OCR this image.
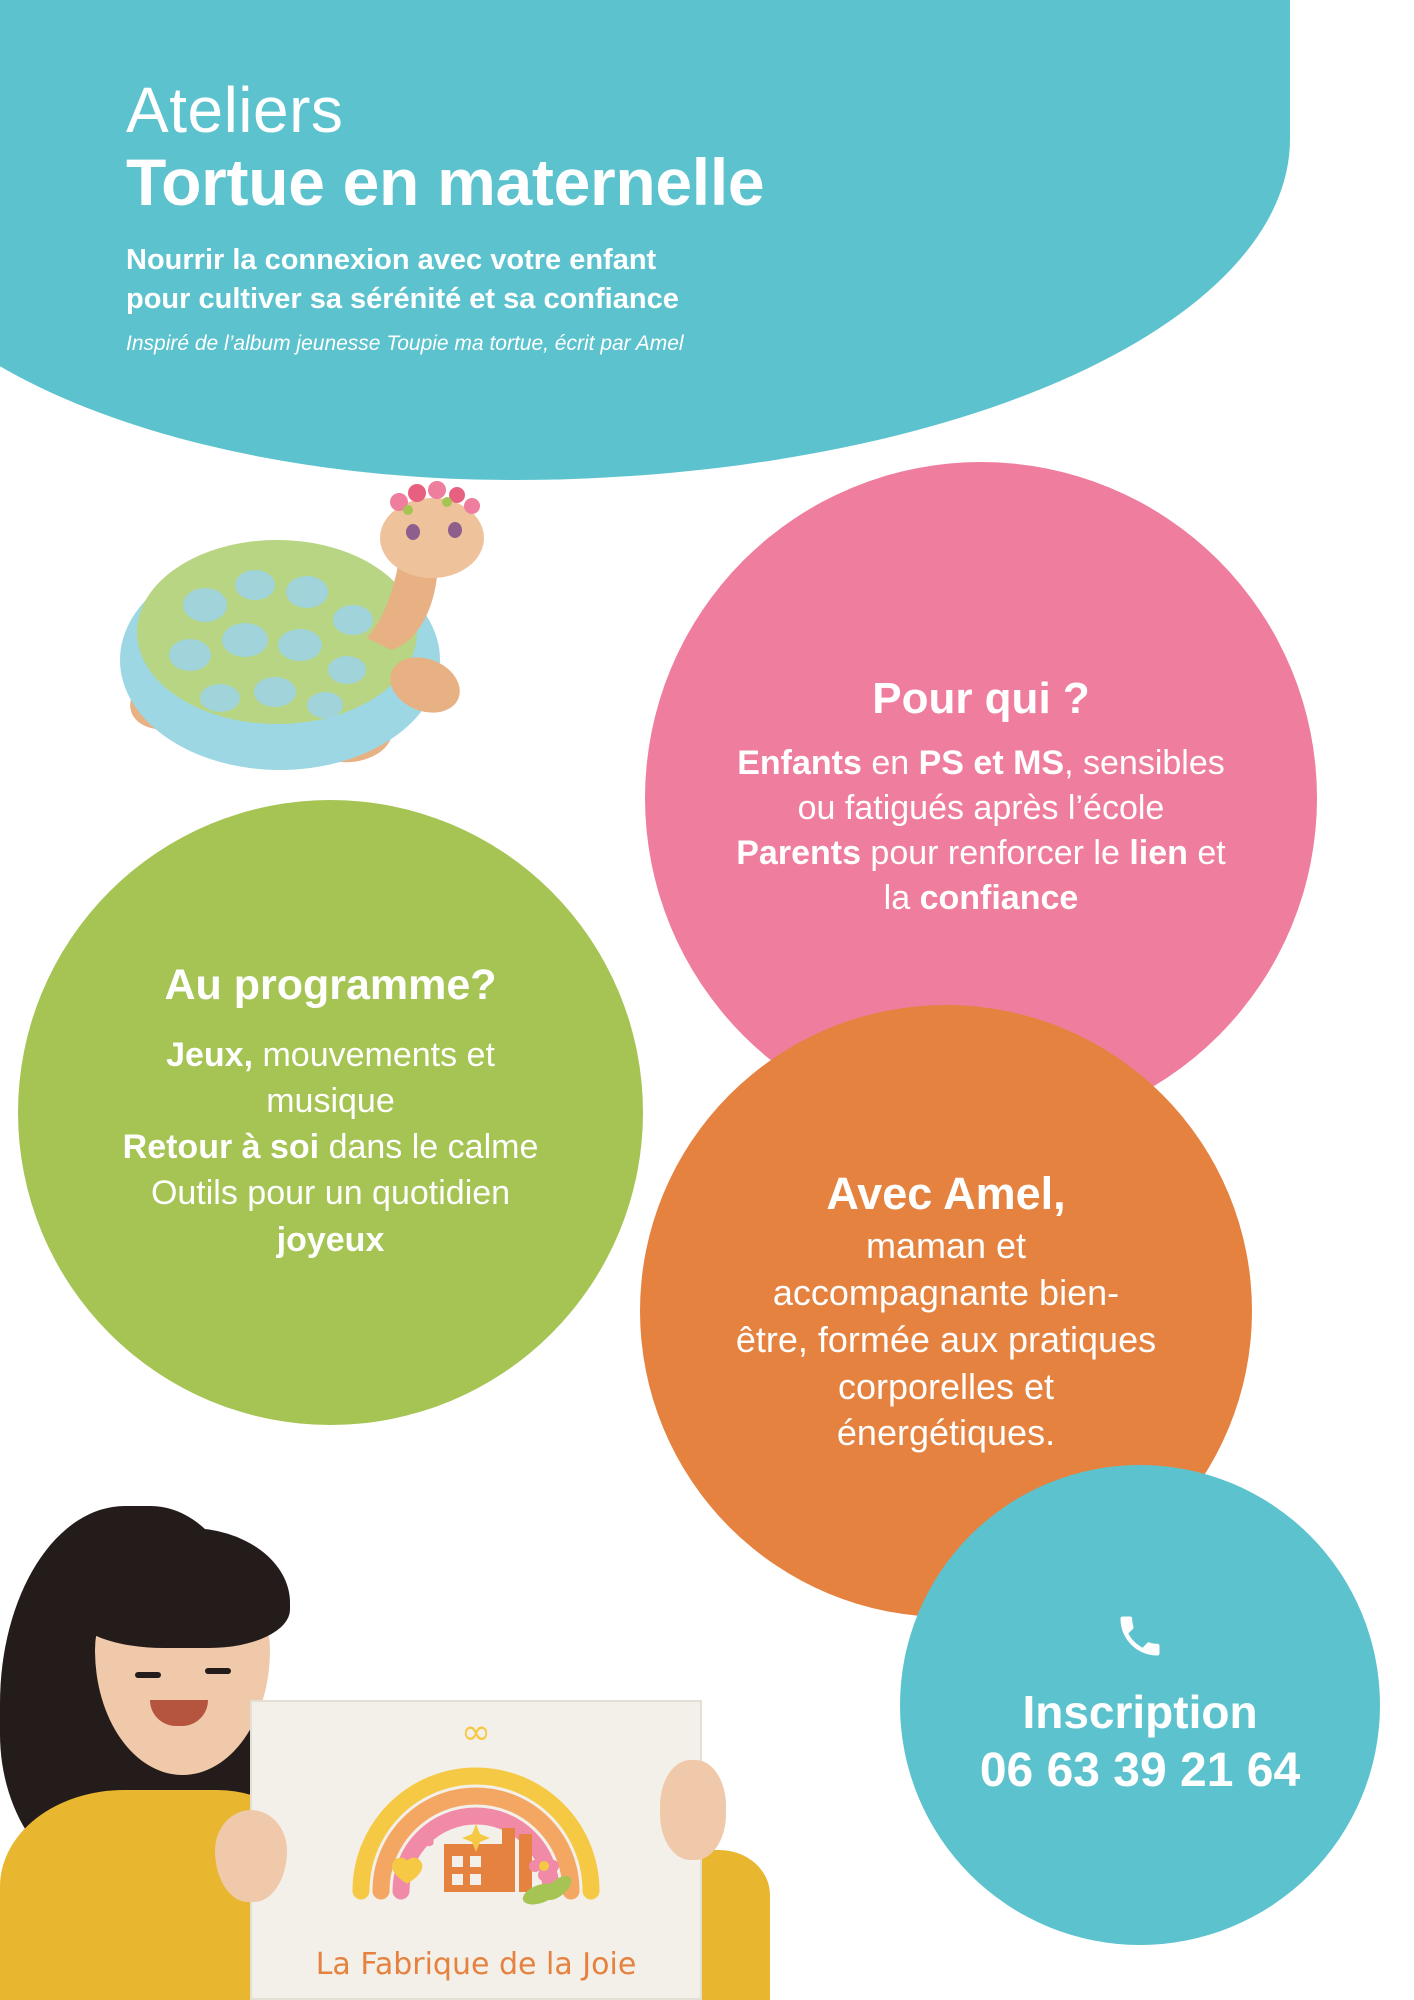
Ateliers
Tortue en maternelle

Nourrir la connexion avec votre enfant

pour cultiver sa sérénité et sa confiance

Inspiré de l’album jeunesse Toupie ma tortue, écrit par Amel

Pour qui ?

Enfants en PS et MS, sensibles
ou fatigués après l’école
Parents pour renforcer le lien et
la confiance

Au programme?

Jeux, mouvements et
musique
Retour à soi dans le calme
Outils pour un quotidien
joyeux

Avec Amel,
maman et
accompagnante bien-
être, formée aux pratiques
corporelles et
énergétiques.

Inscription

06 63 39 21 64

∞
♪
La Fabrique de la Joie
